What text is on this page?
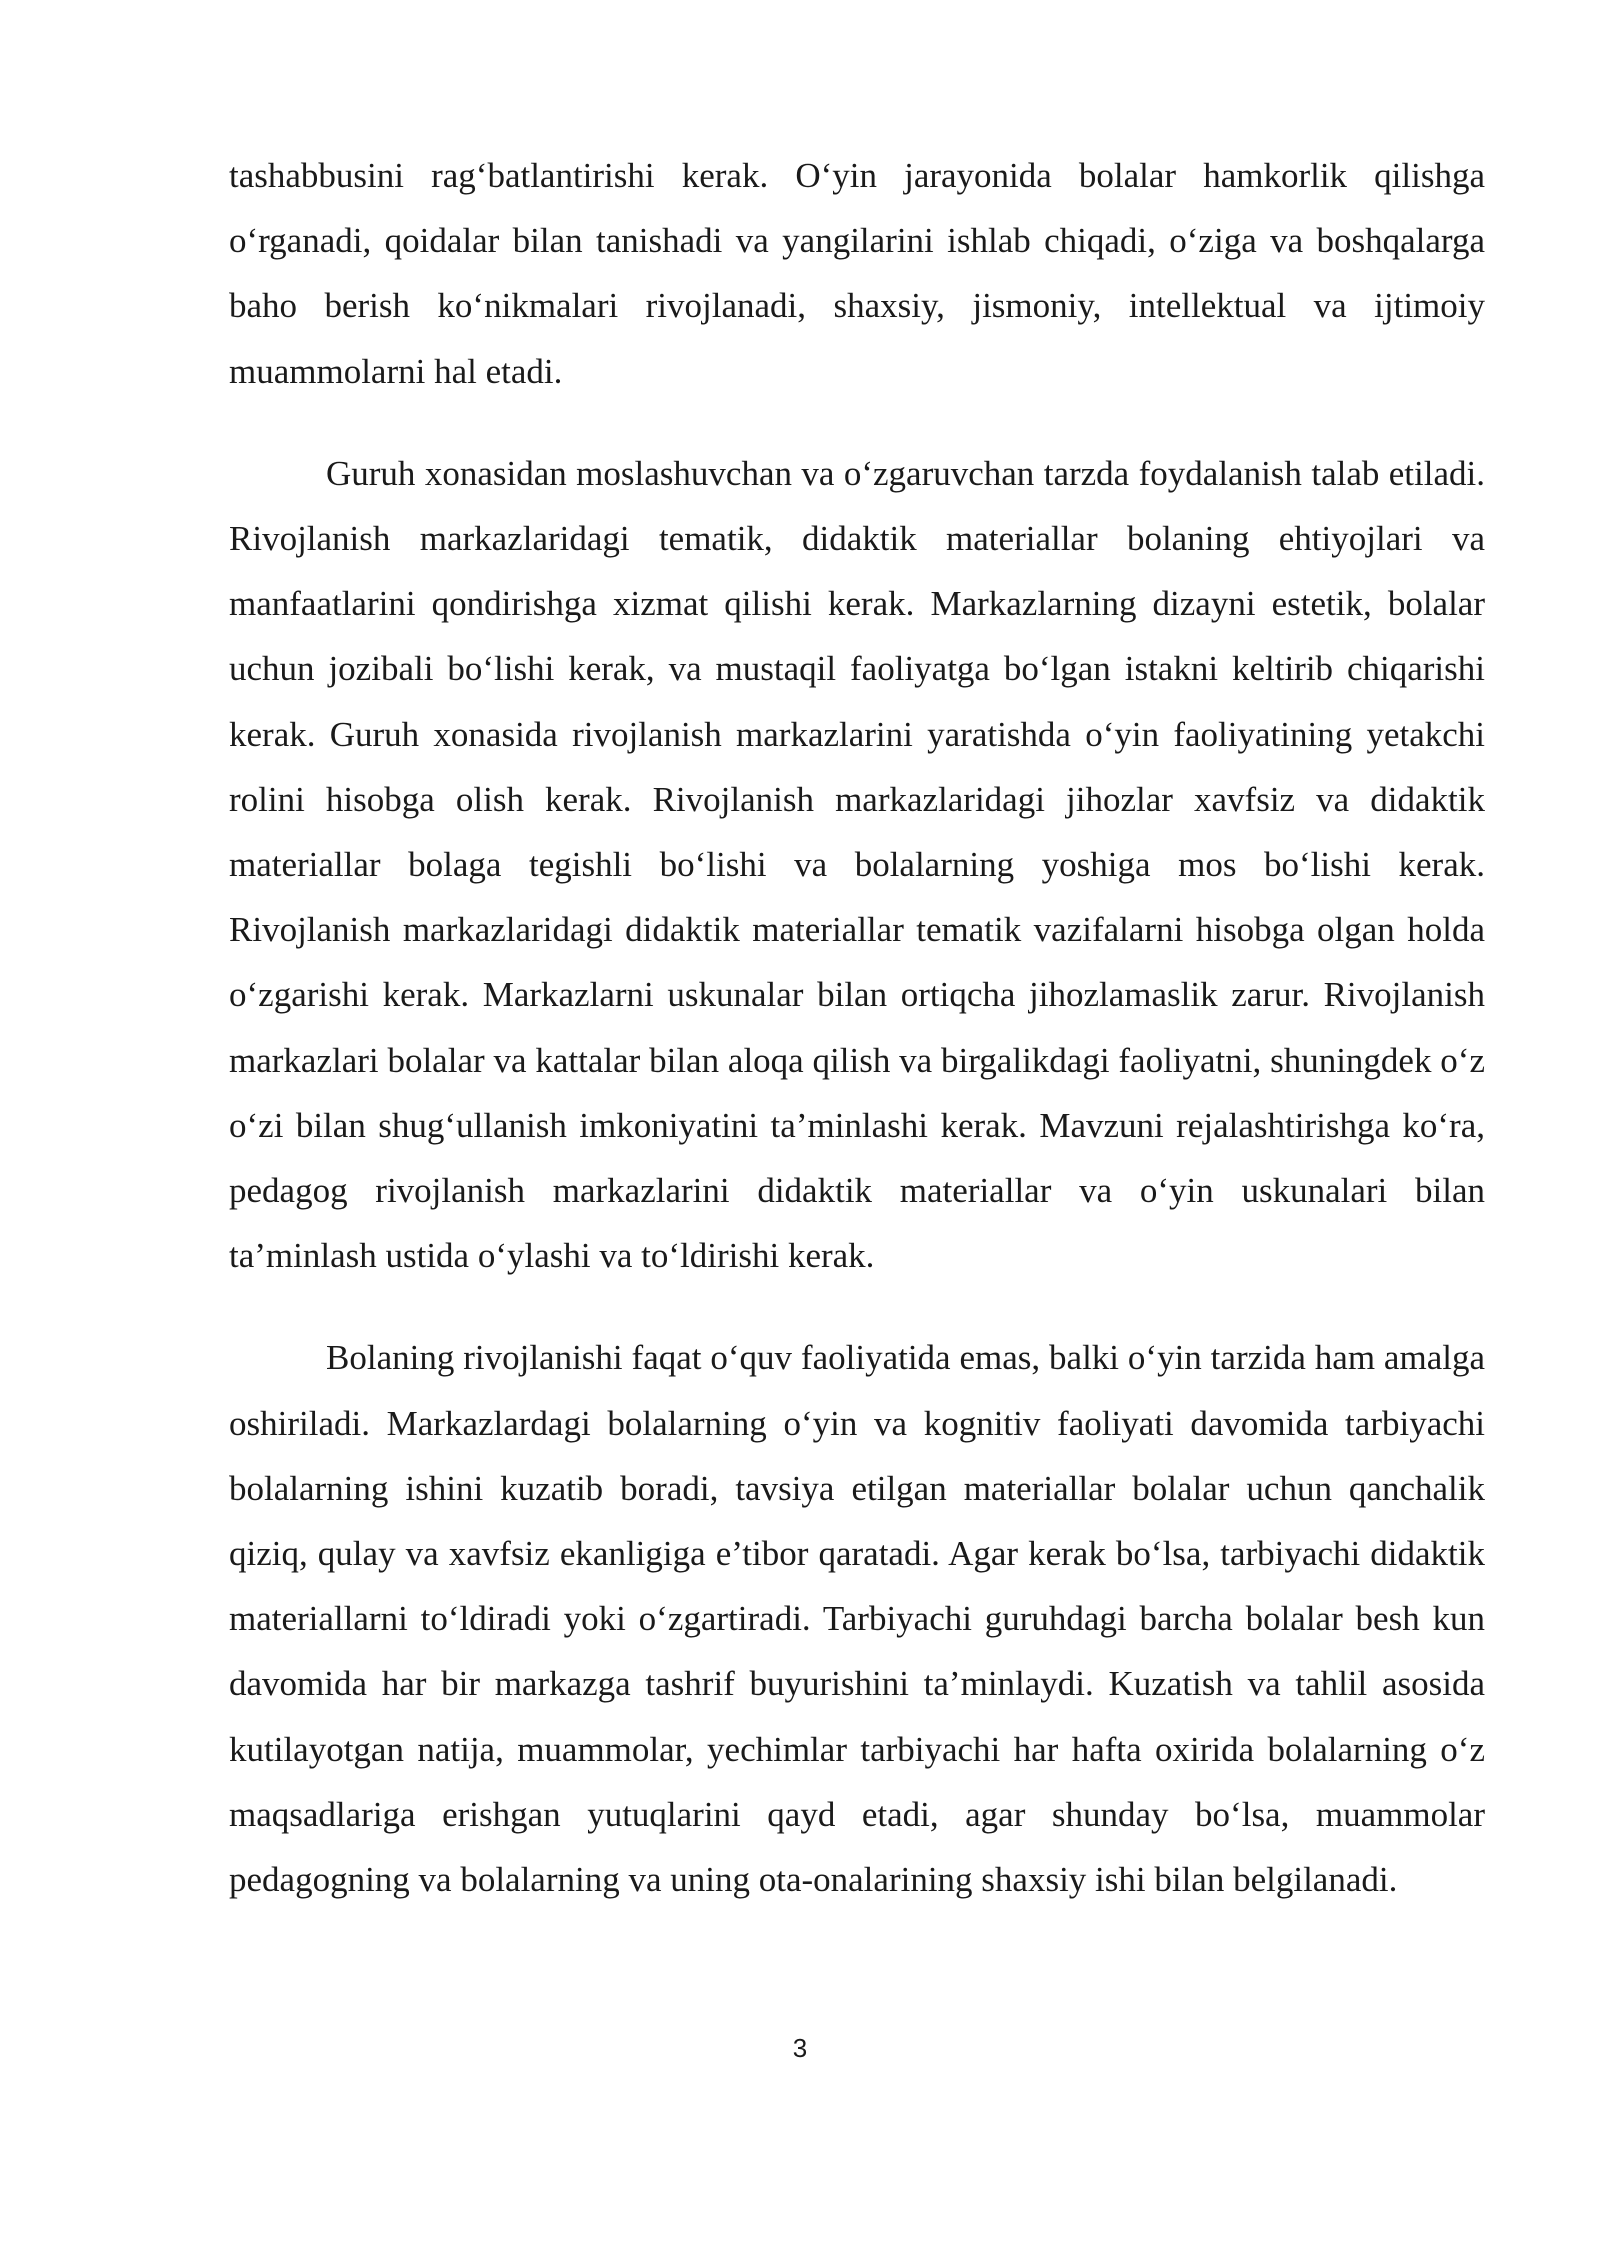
tashabbusini rag‘batlantirishi kerak. O‘yin jarayonida bolalar hamkorlik qilishga o‘rganadi, qoidalar bilan tanishadi va yangilarini ishlab chiqadi, o‘ziga va boshqalarga baho berish ko‘nikmalari rivojlanadi, shaxsiy, jismoniy, intellektual va ijtimoiy muammolarni hal etadi.

Guruh xonasidan moslashuvchan va o‘zgaruvchan tarzda foydalanish talab etiladi. Rivojlanish markazlaridagi tematik, didaktik materiallar bolaning ehtiyojlari va manfaatlarini qondirishga xizmat qilishi kerak. Markazlarning dizayni estetik, bolalar uchun jozibali bo‘lishi kerak, va mustaqil faoliyatga bo‘lgan istakni keltirib chiqarishi kerak. Guruh xonasida rivojlanish markazlarini yaratishda o‘yin faoliyatining yetakchi rolini hisobga olish kerak. Rivojlanish markazlaridagi jihozlar xavfsiz va didaktik materiallar bolaga tegishli bo‘lishi va bolalarning yoshiga mos bo‘lishi kerak. Rivojlanish markazlaridagi didaktik materiallar tematik vazifalarni hisobga olgan holda o‘zgarishi kerak. Markazlarni uskunalar bilan ortiqcha jihozlamaslik zarur. Rivojlanish markazlari bolalar va kattalar bilan aloqa qilish va birgalikdagi faoliyatni, shuningdek o‘z o‘zi bilan shug‘ullanish imkoniyatini ta’minlashi kerak. Mavzuni rejalashtirishga ko‘ra, pedagog rivojlanish markazlarini didaktik materiallar va o‘yin uskunalari bilan ta’minlash ustida o‘ylashi va to‘ldirishi kerak.

Bolaning rivojlanishi faqat o‘quv faoliyatida emas, balki o‘yin tarzida ham amalga oshiriladi. Markazlardagi bolalarning o‘yin va kognitiv faoliyati davomida tarbiyachi bolalarning ishini kuzatib boradi, tavsiya etilgan materiallar bolalar uchun qanchalik qiziq, qulay va xavfsiz ekanligiga e’tibor qaratadi. Agar kerak bo‘lsa, tarbiyachi didaktik materiallarni to‘ldiradi yoki o‘zgartiradi. Tarbiyachi guruhdagi barcha bolalar besh kun davomida har bir markazga tashrif buyurishini ta’minlaydi. Kuzatish va tahlil asosida kutilayotgan natija, muammolar, yechimlar tarbiyachi har hafta oxirida bolalarning o‘z maqsadlariga erishgan yutuqlarini qayd etadi, agar shunday bo‘lsa, muammolar pedagogning va bolalarning va uning ota-onalarining shaxsiy ishi bilan belgilanadi.

3
